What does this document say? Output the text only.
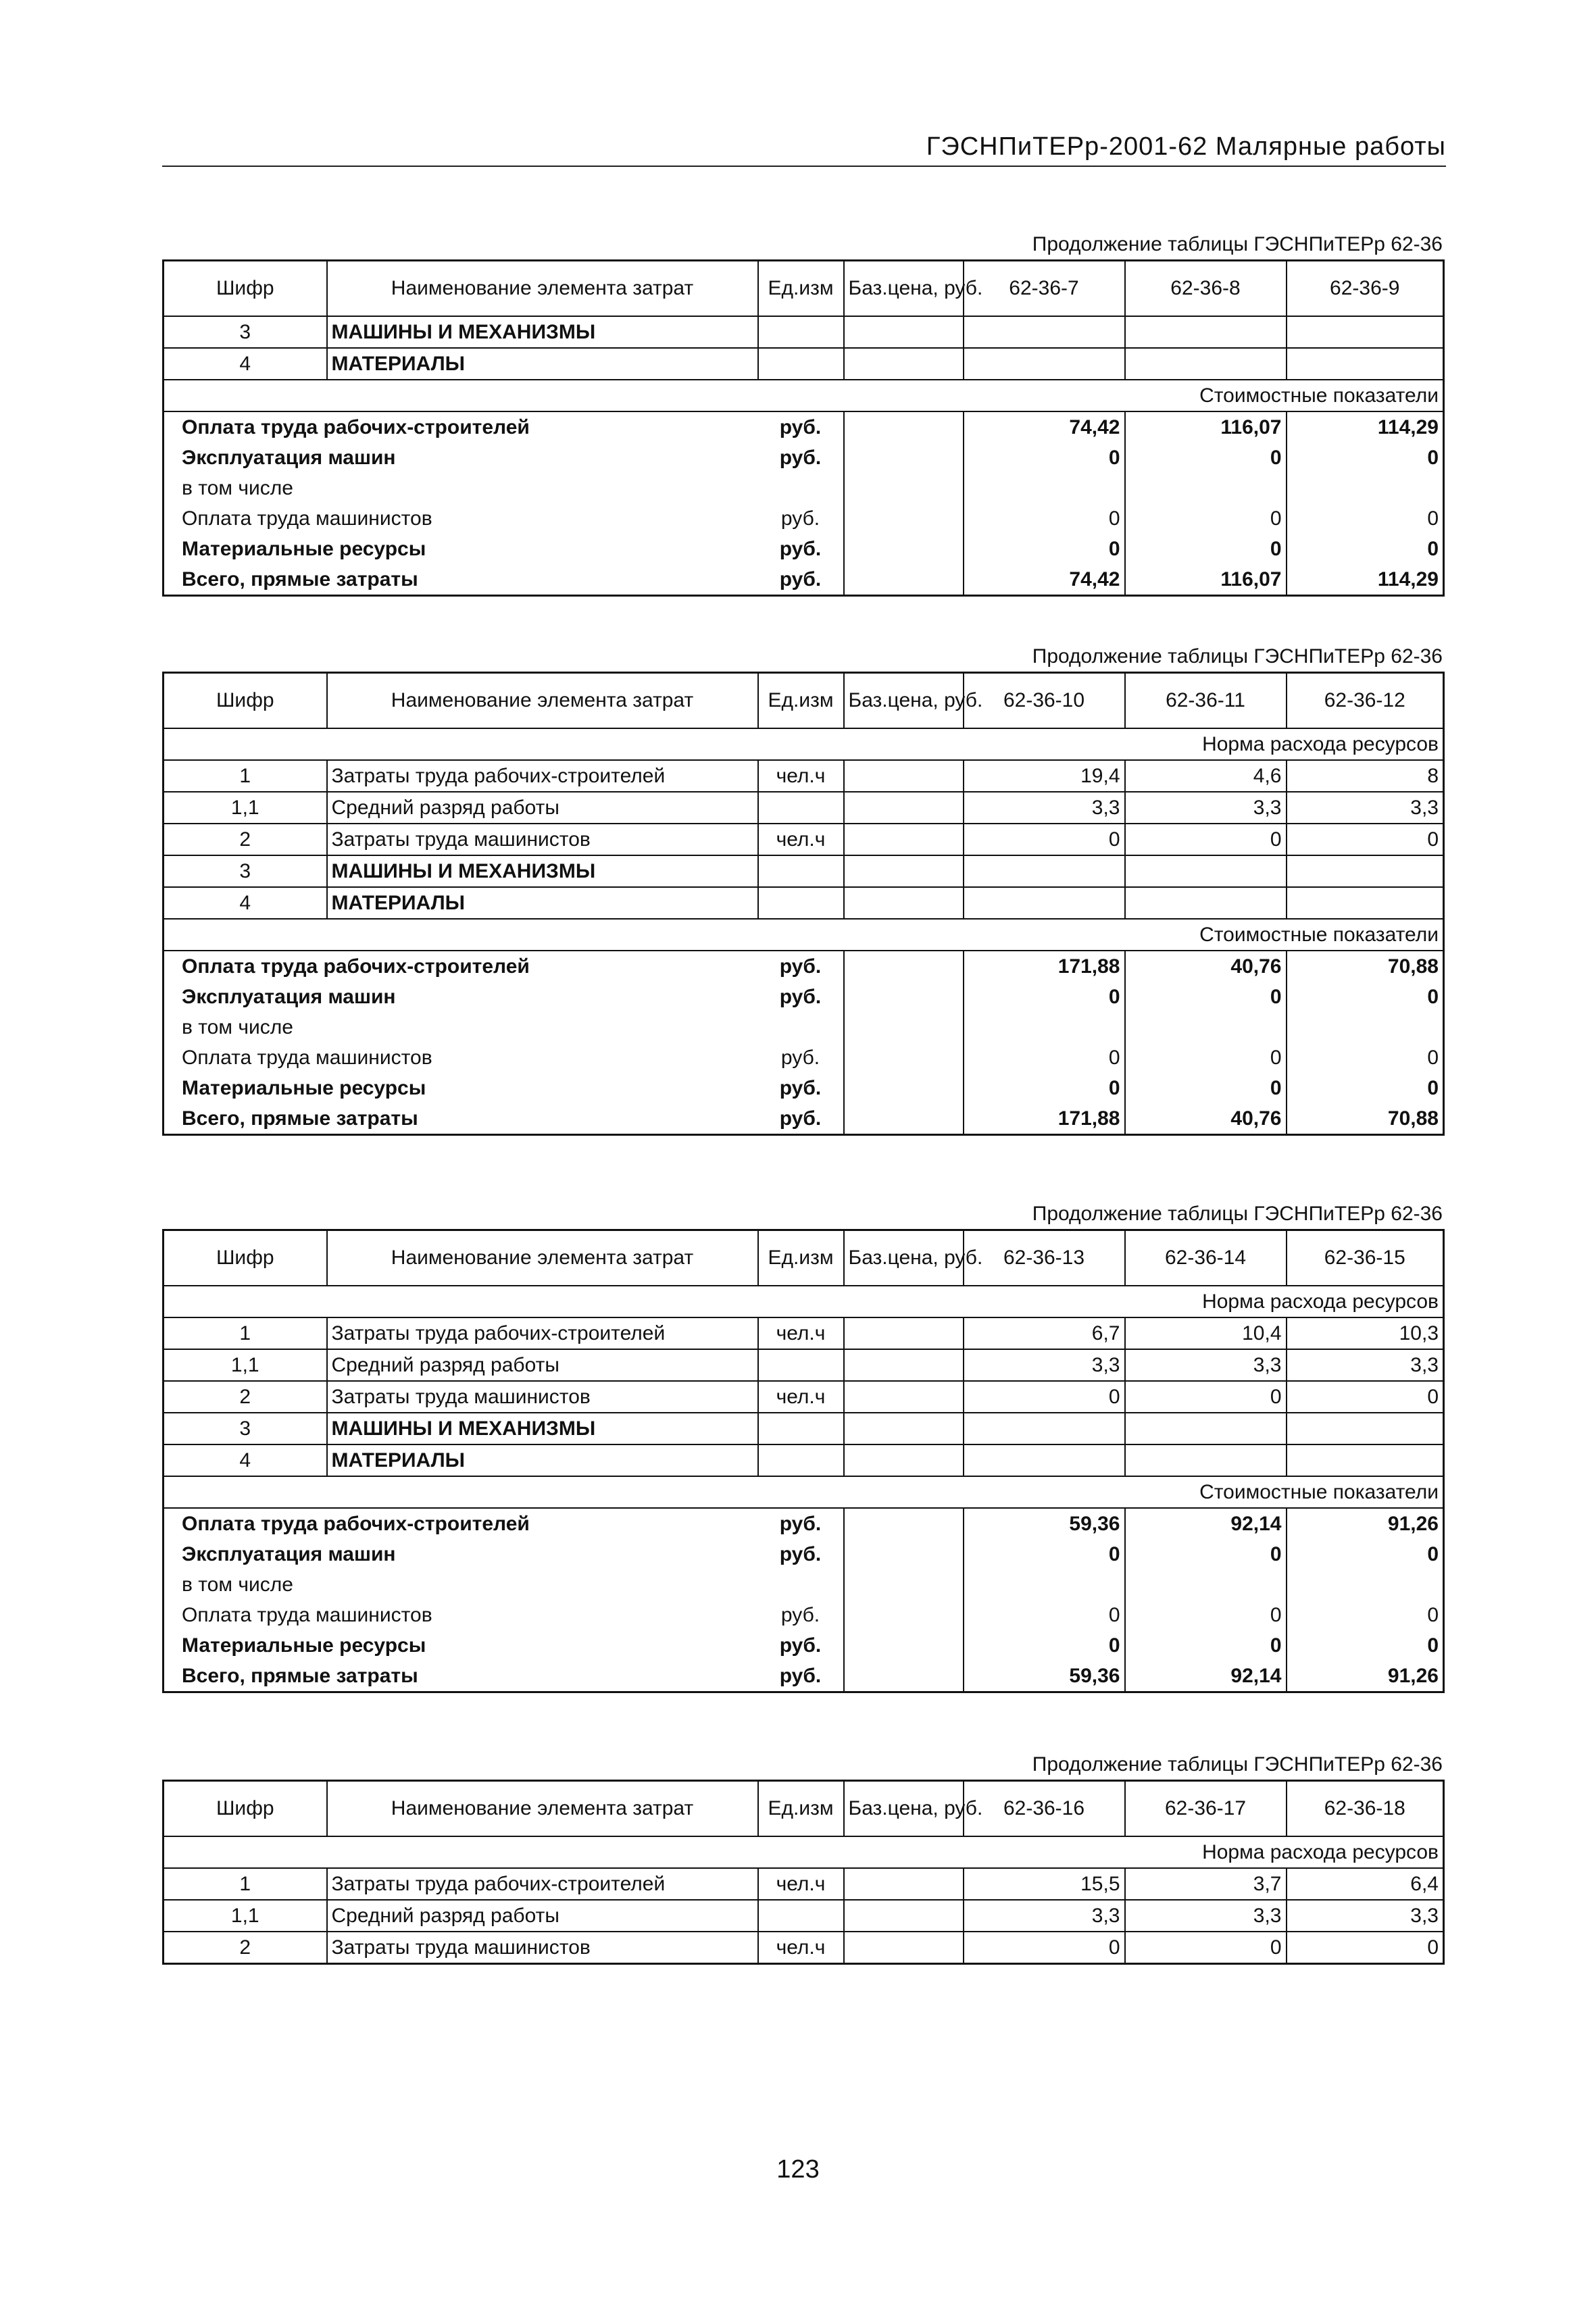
ГЭСНПиТЕРр-2001-62 Малярные работы
Продолжение таблицы ГЭСНПиТЕРр 62-36
Шифр	Наименование элемента затрат	Ед.изм	Баз.цена, руб.	62-36-7	62-36-8	62-36-9
3	МАШИНЫ И МЕХАНИЗМЫ					
4	МАТЕРИАЛЫ					
Стоимостные показатели						
Оплата труда рабочих-строителей		руб.		74,42	116,07	114,29
Эксплуатация машин		руб.		0	0	0
в том числе						
Оплата труда машинистов		руб.		0	0	0
Материальные ресурсы		руб.		0	0	0
Всего, прямые затраты		руб.		74,42	116,07	114,29
Продолжение таблицы ГЭСНПиТЕРр 62-36
Шифр	Наименование элемента затрат	Ед.изм	Баз.цена, руб.	62-36-10	62-36-11	62-36-12
Норма расхода ресурсов						
1	Затраты труда рабочих-строителей	чел.ч		19,4	4,6	8
1,1	Средний разряд работы			3,3	3,3	3,3
2	Затраты труда машинистов	чел.ч		0	0	0
3	МАШИНЫ И МЕХАНИЗМЫ					
4	МАТЕРИАЛЫ					
Стоимостные показатели						
Оплата труда рабочих-строителей		руб.		171,88	40,76	70,88
Эксплуатация машин		руб.		0	0	0
в том числе						
Оплата труда машинистов		руб.		0	0	0
Материальные ресурсы		руб.		0	0	0
Всего, прямые затраты		руб.		171,88	40,76	70,88
Продолжение таблицы ГЭСНПиТЕРр 62-36
Шифр	Наименование элемента затрат	Ед.изм	Баз.цена, руб.	62-36-13	62-36-14	62-36-15
Норма расхода ресурсов						
1	Затраты труда рабочих-строителей	чел.ч		6,7	10,4	10,3
1,1	Средний разряд работы			3,3	3,3	3,3
2	Затраты труда машинистов	чел.ч		0	0	0
3	МАШИНЫ И МЕХАНИЗМЫ					
4	МАТЕРИАЛЫ					
Стоимостные показатели						
Оплата труда рабочих-строителей		руб.		59,36	92,14	91,26
Эксплуатация машин		руб.		0	0	0
в том числе						
Оплата труда машинистов		руб.		0	0	0
Материальные ресурсы		руб.		0	0	0
Всего, прямые затраты		руб.		59,36	92,14	91,26
Продолжение таблицы ГЭСНПиТЕРр 62-36
Шифр	Наименование элемента затрат	Ед.изм	Баз.цена, руб.	62-36-16	62-36-17	62-36-18
Норма расхода ресурсов						
1	Затраты труда рабочих-строителей	чел.ч		15,5	3,7	6,4
1,1	Средний разряд работы			3,3	3,3	3,3
2	Затраты труда машинистов	чел.ч		0	0	0
123
